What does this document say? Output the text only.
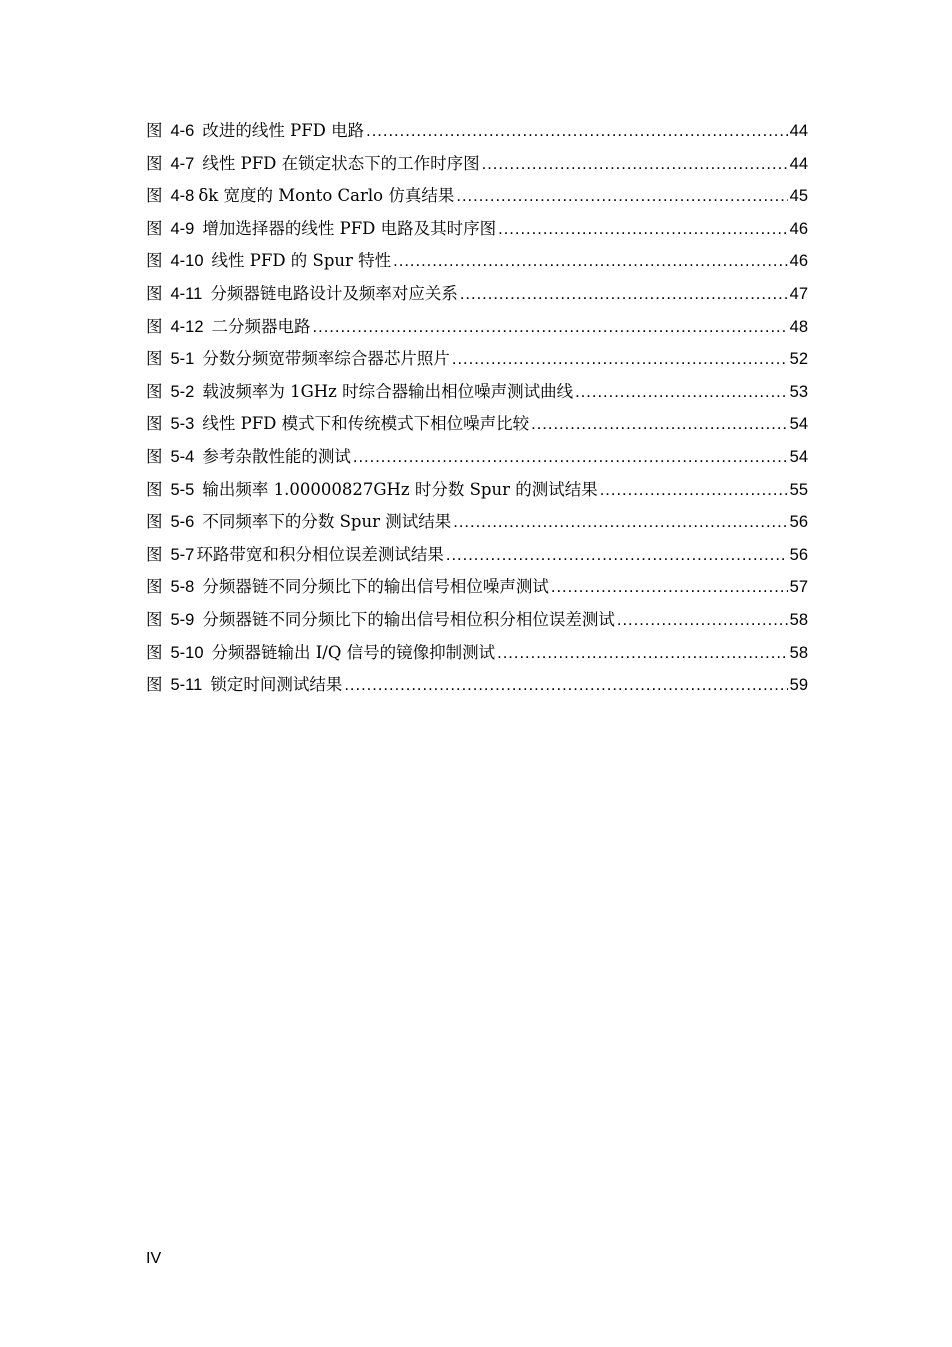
图 4-6 改进的线性 PFD 电路 .....	44
图 4-7 线性 PFD 在锁定状态下的工作时序图 .....	44
图 4-8 δk 宽度的 Monto Carlo 仿真结果 .....	45
图 4-9 增加选择器的线性 PFD 电路及其时序图 .....	46
图 4-10 线性 PFD 的 Spur 特性 .....	46
图 4-11 分频器链电路设计及频率对应关系 .....	47
图 4-12 二分频器电路 .....	48
图 5-1 分数分频宽带频率综合器芯片照片 .....	52
图 5-2 载波频率为 1GHz 时综合器输出相位噪声测试曲线 .....	53
图 5-3 线性 PFD 模式下和传统模式下相位噪声比较 .....	54
图 5-4 参考杂散性能的测试 .....	54
图 5-5 输出频率 1.00000827GHz 时分数 Spur 的测试结果 .....	55
图 5-6 不同频率下的分数 Spur 测试结果 .....	56
图 5-7 环路带宽和积分相位误差测试结果 .....	56
图 5-8 分频器链不同分频比下的输出信号相位噪声测试 .....	57
图 5-9 分频器链不同分频比下的输出信号相位积分相位误差测试 .....	58
图 5-10 分频器链输出 I/Q 信号的镜像抑制测试 .....	58
图 5-11 锁定时间测试结果 .....	59
IV
